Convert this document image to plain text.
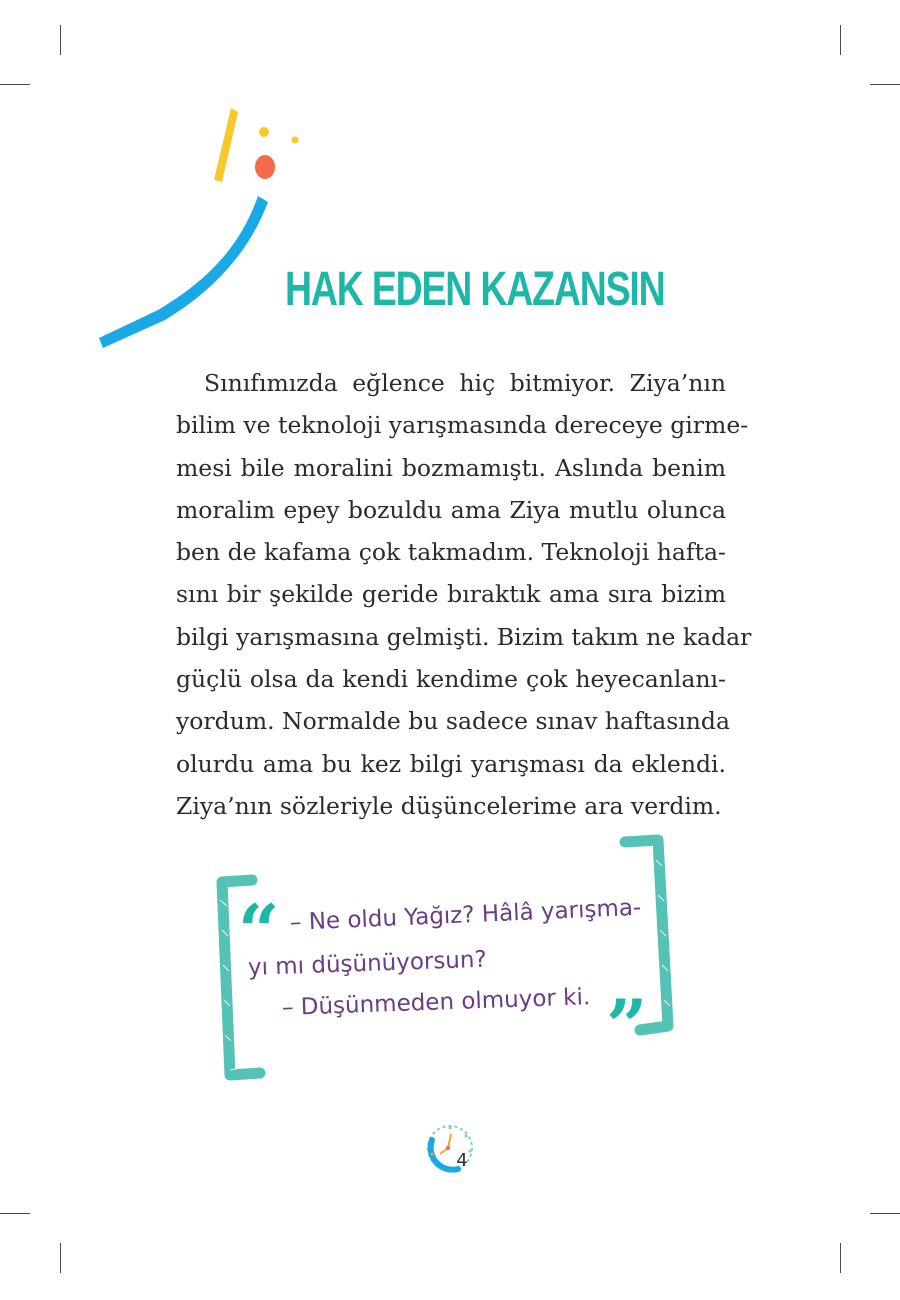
HAK EDEN KAZANSIN
Sınıfımızda eğlence hiç bitmiyor. Ziya’nın
bilim ve teknoloji yarışmasında dereceye girme-
mesi bile moralini bozmamıştı. Aslında benim
moralim epey bozuldu ama Ziya mutlu olunca
ben de kafama çok takmadım. Teknoloji hafta-
sını bir şekilde geride bıraktık ama sıra bizim
bilgi yarışmasına gelmişti. Bizim takım ne kadar
güçlü olsa da kendi kendime çok heyecanlanı-
yordum. Normalde bu sadece sınav haftasında
olurdu ama bu kez bilgi yarışması da eklendi.
Ziya’nın sözleriyle düşüncelerime ara verdim.
“ – Ne oldu Yağız? Hâlâ yarışma-
yı mı düşünüyorsun?
– Düşünmeden olmuyor ki. ”
4
